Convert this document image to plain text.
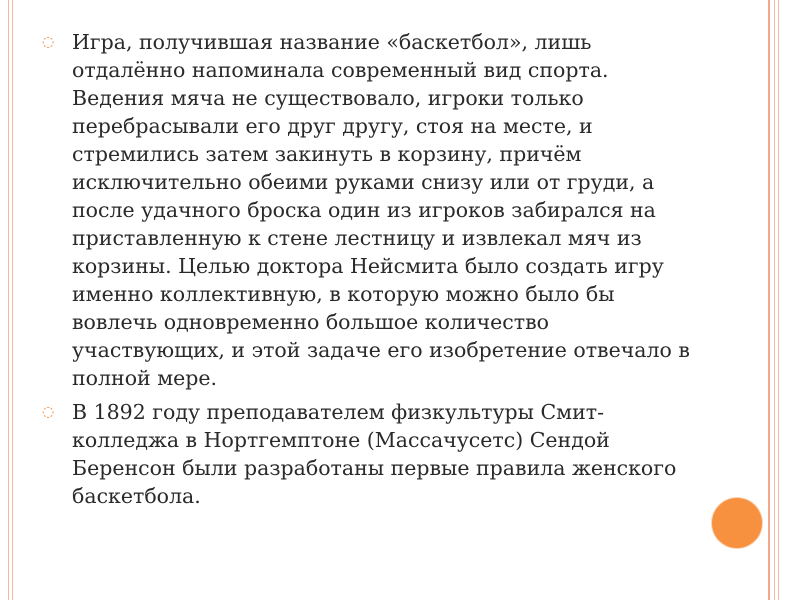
◌ Игра, получившая название «баскетбол», лишь отдалённо напоминала современный вид спорта. Ведения мяча не существовало, игроки только перебрасывали его друг другу, стоя на месте, и стремились затем закинуть в корзину, причём исключительно обеими руками снизу или от груди, а после удачного броска один из игроков забирался на приставленную к стене лестницу и извлекал мяч из корзины. Целью доктора Нейсмита было создать игру именно коллективную, в которую можно было бы вовлечь одновременно большое количество участвующих, и этой задаче его изобретение отвечало в полной мере.
◌ В 1892 году преподавателем физкультуры Смит-колледжа в Нортгемптоне (Массачусетс) Сендой Беренсон были разработаны первые правила женского баскетбола.
